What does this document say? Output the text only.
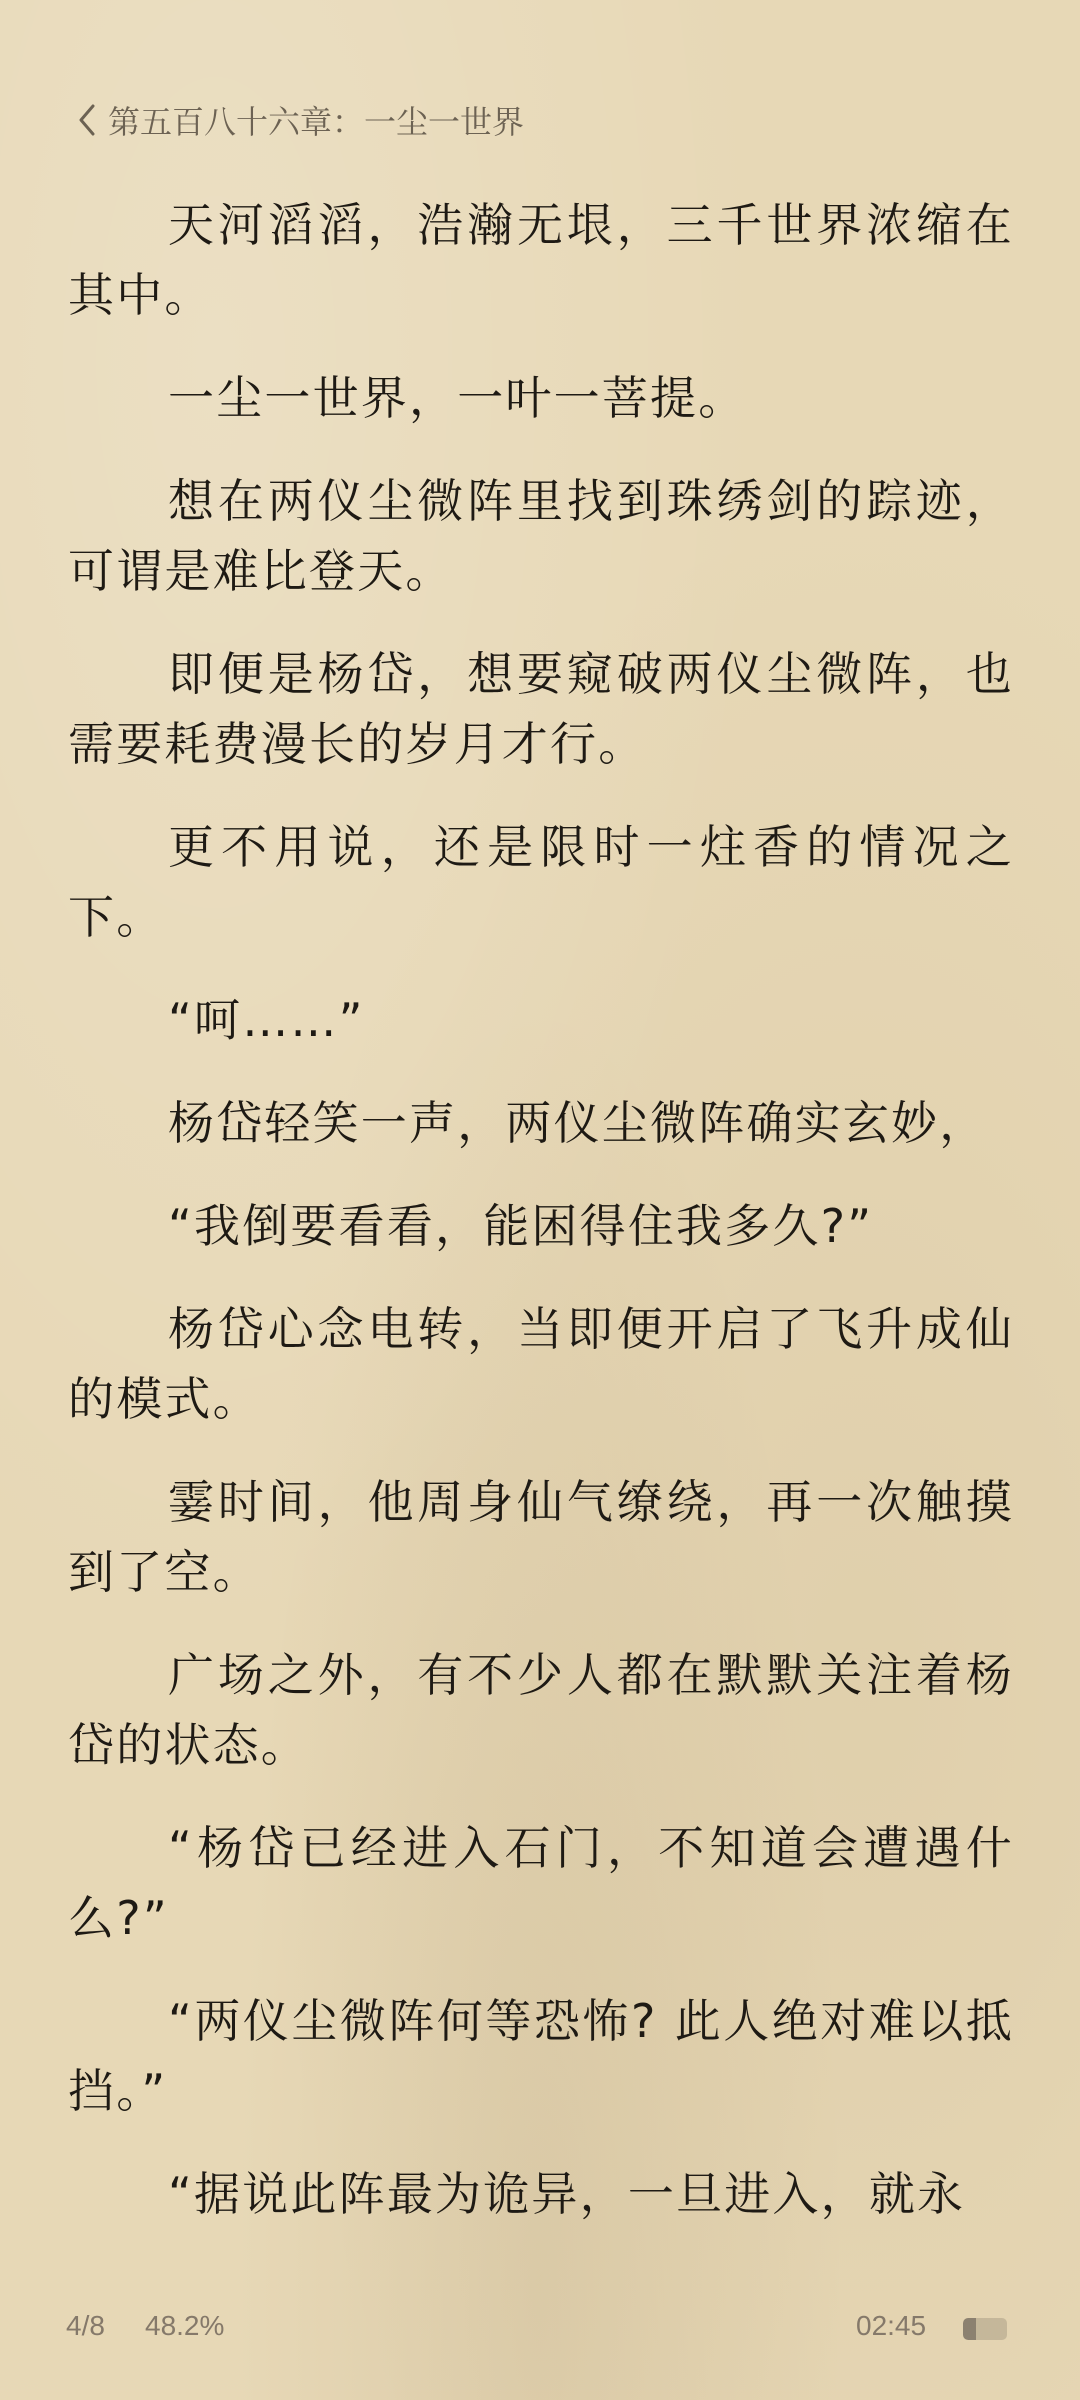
第五百八十六章：一尘一世界

天河滔滔，浩瀚无垠，三千世界浓缩在其中。

一尘一世界，一叶一菩提。

想在两仪尘微阵里找到珠绣剑的踪迹，可谓是难比登天。

即便是杨岱，想要窥破两仪尘微阵，也需要耗费漫长的岁月才行。

更不用说，还是限时一炷香的情况之下。

“呵……”

杨岱轻笑一声，两仪尘微阵确实玄妙，

“我倒要看看，能困得住我多久?”

杨岱心念电转，当即便开启了飞升成仙的模式。

霎时间，他周身仙气缭绕，再一次触摸到了空。

广场之外，有不少人都在默默关注着杨岱的状态。

“杨岱已经进入石门，不知道会遭遇什么?”

“两仪尘微阵何等恐怖? 此人绝对难以抵挡。”

“据说此阵最为诡异，一旦进入，就永

4/8 48.2%	02:45
